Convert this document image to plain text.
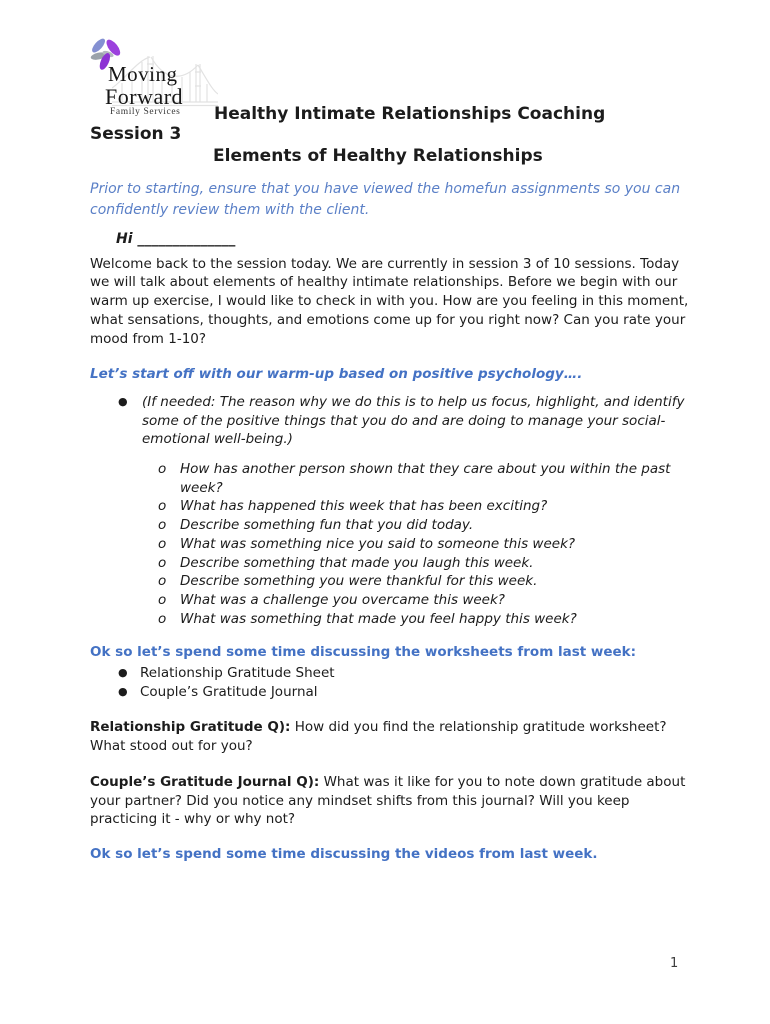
Moving
Forward
Family Services Healthy Intimate Relationships Coaching
Session 3
Elements of Healthy Relationships
Prior to starting, ensure that you have viewed the homefun assignments so you can confidently review them with the client.
Hi ______________
Welcome back to the session today. We are currently in session 3 of 10 sessions. Today we will talk about elements of healthy intimate relationships. Before we begin with our warm up exercise, I would like to check in with you. How are you feeling in this moment, what sensations, thoughts, and emotions come up for you right now? Can you rate your mood from 1-10?
Let’s start off with our warm-up based on positive psychology….
●	(If needed: The reason why we do this is to help us focus, highlight, and identify some of the positive things that you do and are doing to manage your social-emotional well-being.)
o	How has another person shown that they care about you within the past week?
o	What has happened this week that has been exciting?
o	Describe something fun that you did today.
o	What was something nice you said to someone this week?
o	Describe something that made you laugh this week.
o	Describe something you were thankful for this week.
o	What was a challenge you overcame this week?
o	What was something that made you feel happy this week?
Ok so let’s spend some time discussing the worksheets from last week:
● Relationship Gratitude Sheet
● Couple’s Gratitude Journal
Relationship Gratitude Q): How did you find the relationship gratitude worksheet? What stood out for you?
Couple’s Gratitude Journal Q): What was it like for you to note down gratitude about your partner? Did you notice any mindset shifts from this journal? Will you keep practicing it - why or why not?
Ok so let’s spend some time discussing the videos from last week.
1
